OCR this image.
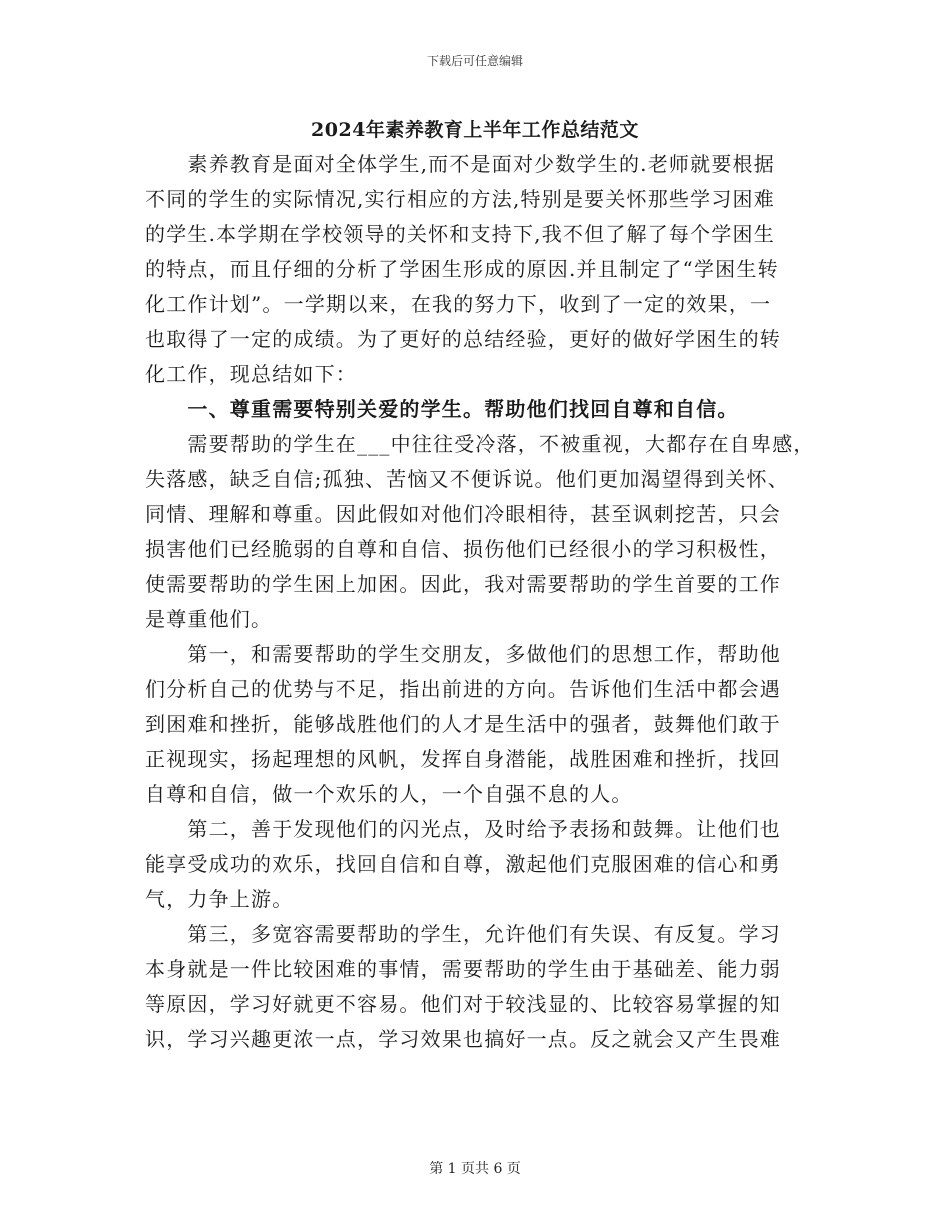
下载后可任意编辑
2024年素养教育上半年工作总结范文
　　素养教育是面对全体学生,而不是面对少数学生的.老师就要根据
不同的学生的实际情况,实行相应的方法,特别是要关怀那些学习困难
的学生.本学期在学校领导的关怀和支持下,我不但了解了每个学困生
的特点，而且仔细的分析了学困生形成的原因.并且制定了“学困生转
化工作计划”。一学期以来，在我的努力下，收到了一定的效果，一
也取得了一定的成绩。为了更好的总结经验，更好的做好学困生的转
化工作，现总结如下：
　　一、尊重需要特别关爱的学生。帮助他们找回自尊和自信。
　　需要帮助的学生在___中往往受冷落，不被重视，大都存在自卑感，
失落感，缺乏自信;孤独、苦恼又不便诉说。他们更加渴望得到关怀、
同情、理解和尊重。因此假如对他们冷眼相待，甚至讽刺挖苦，只会
损害他们已经脆弱的自尊和自信、损伤他们已经很小的学习积极性，
使需要帮助的学生困上加困。因此，我对需要帮助的学生首要的工作
是尊重他们。
　　第一，和需要帮助的学生交朋友，多做他们的思想工作，帮助他
们分析自己的优势与不足，指出前进的方向。告诉他们生活中都会遇
到困难和挫折，能够战胜他们的人才是生活中的强者，鼓舞他们敢于
正视现实，扬起理想的风帆，发挥自身潜能，战胜困难和挫折，找回
自尊和自信，做一个欢乐的人，一个自强不息的人。
　　第二，善于发现他们的闪光点，及时给予表扬和鼓舞。让他们也
能享受成功的欢乐，找回自信和自尊，激起他们克服困难的信心和勇
气，力争上游。
　　第三，多宽容需要帮助的学生，允许他们有失误、有反复。学习
本身就是一件比较困难的事情，需要帮助的学生由于基础差、能力弱
等原因，学习好就更不容易。他们对于较浅显的、比较容易掌握的知
识，学习兴趣更浓一点，学习效果也搞好一点。反之就会又产生畏难
第 1 页共 6 页
